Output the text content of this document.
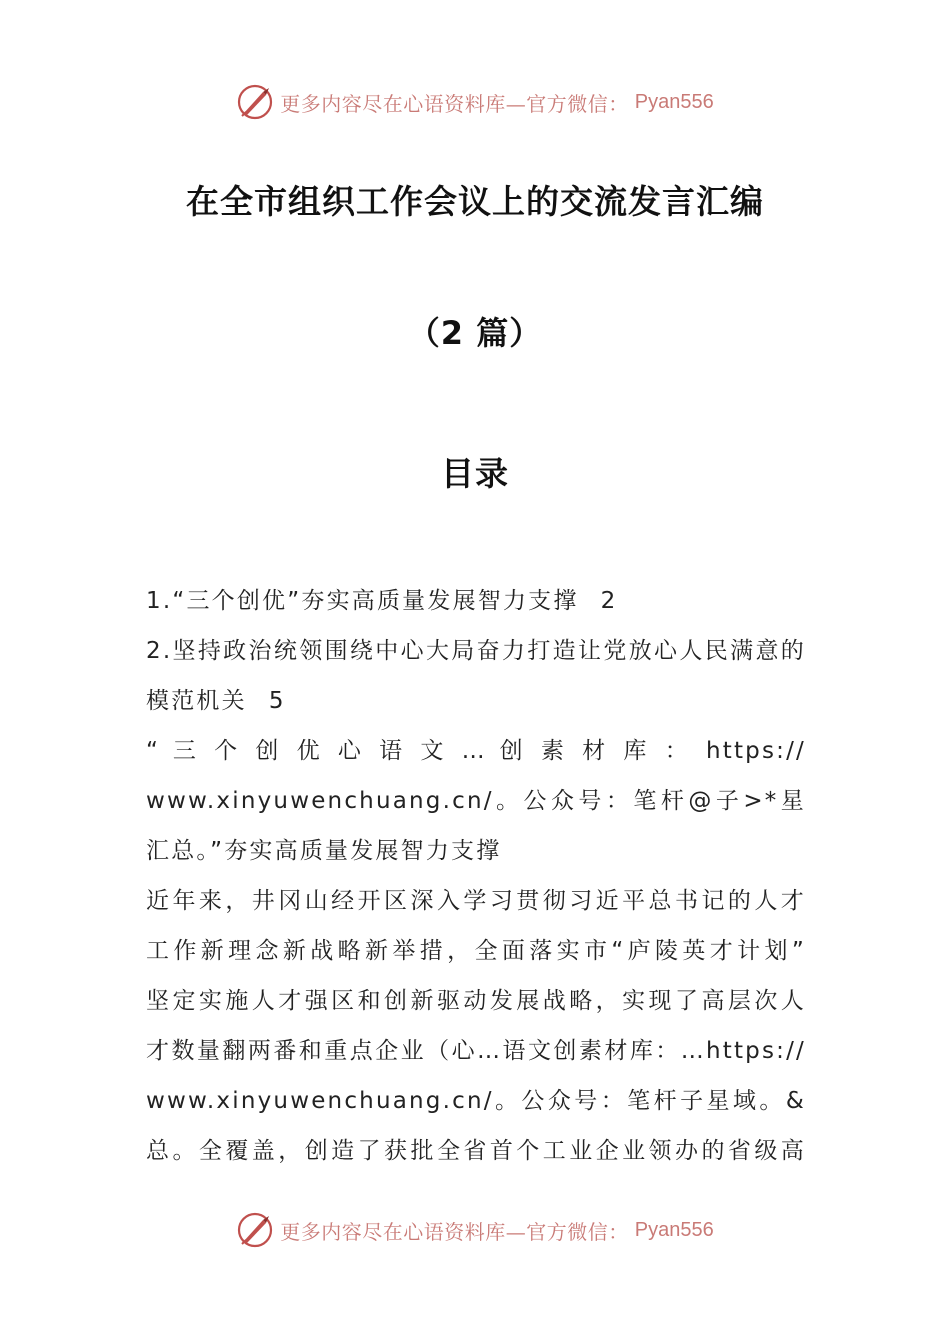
更多内容尽在心语资料库—官方微信： Pyan556
在全市组织工作会议上的交流发言汇编
（2 篇）
目录
1.“三个创优”夯实高质量发展智力支撑 2
2.坚持政治统领围绕中心大局奋力打造让党放心人民满意的
模范机关 5
“ 三 个 创 优 心 语 文 … 创 素 材 库 ： https://
www.xinyuwenchuang.cn/。公众号：笔杆@子>*星
汇总。”夯实高质量发展智力支撑
近年来，井冈山经开区深入学习贯彻习近平总书记的人才
工作新理念新战略新举措，全面落实市“庐陵英才计划”
坚定实施人才强区和创新驱动发展战略，实现了高层次人
才数量翻两番和重点企业（心…语文创素材库：…https://
www.xinyuwenchuang.cn/。公众号：笔杆子星域。&
总。全覆盖，创造了获批全省首个工业企业领办的省级高
更多内容尽在心语资料库—官方微信： Pyan556
